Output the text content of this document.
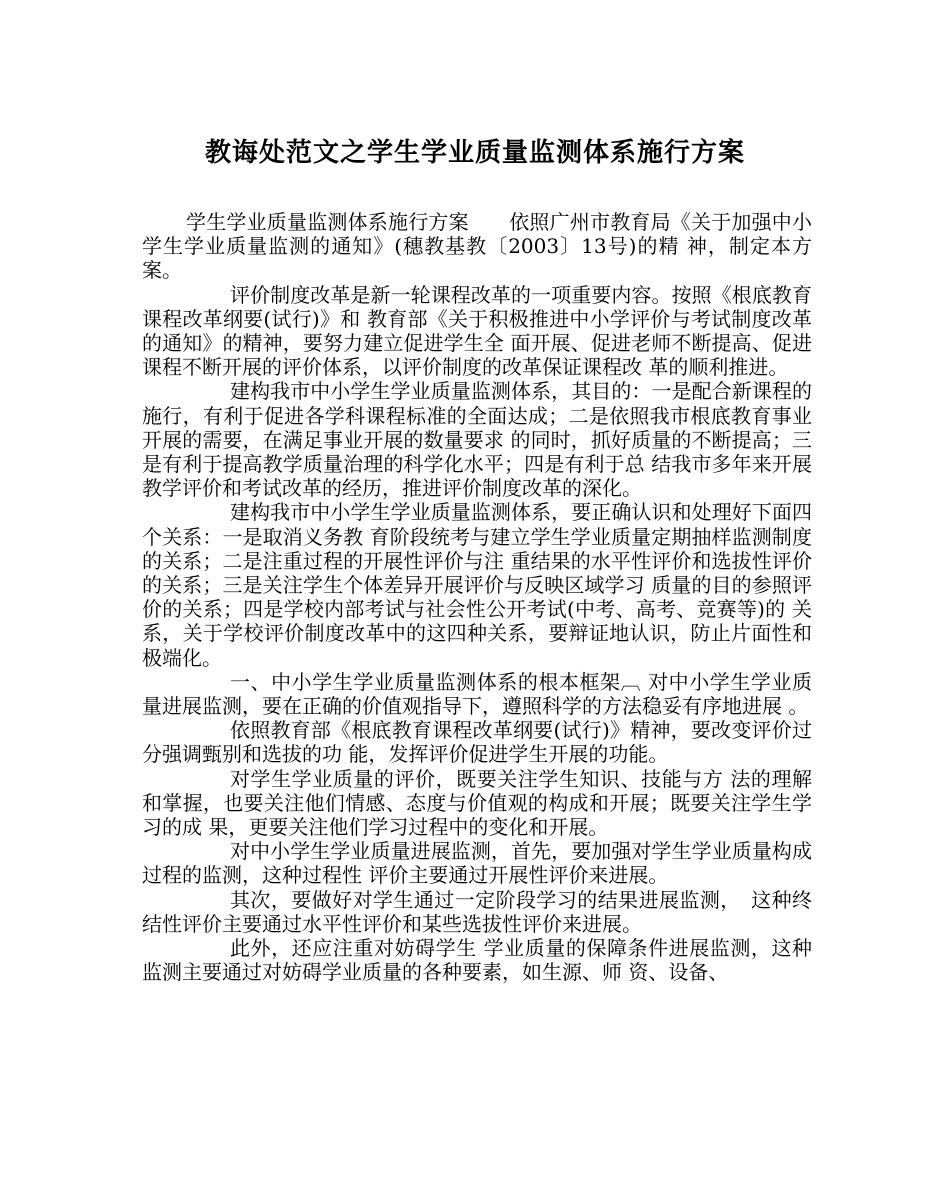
教诲处范文之学生学业质量监测体系施行方案

学生学业质量监测体系施行方案　　依照广州市教育局《关于加强中小学生学业质量监测的通知》(穗教基教〔2003〕13号)的精 神，制定本方案。

评价制度改革是新一轮课程改革的一项重要内容。按照《根底教育课程改革纲要(试行)》和 教育部《关于积极推进中小学评价与考试制度改革的通知》的精神，要努力建立促进学生全 面开展、促进老师不断提高、促进课程不断开展的评价体系，以评价制度的改革保证课程改 革的顺利推进。

建构我市中小学生学业质量监测体系，其目的：一是配合新课程的施行，有利于促进各学科课程标准的全面达成；二是依照我市根底教育事业开展的需要，在满足事业开展的数量要求 的同时，抓好质量的不断提高；三是有利于提高教学质量治理的科学化水平；四是有利于总 结我市多年来开展教学评价和考试改革的经历，推进评价制度改革的深化。

建构我市中小学生学业质量监测体系，要正确认识和处理好下面四个关系：一是取消义务教 育阶段统考与建立学生学业质量定期抽样监测制度的关系；二是注重过程的开展性评价与注 重结果的水平性评价和选拔性评价的关系；三是关注学生个体差异开展评价与反映区域学习 质量的目的参照评价的关系；四是学校内部考试与社会性公开考试(中考、高考、竞赛等)的 关系，关于学校评价制度改革中的这四种关系，要辩证地认识，防止片面性和极端化。

一、中小学生学业质量监测体系的根本框架︹ 对中小学生学业质量进展监测，要在正确的价值观指导下，遵照科学的方法稳妥有序地进展 。

依照教育部《根底教育课程改革纲要(试行)》精神，要改变评价过分强调甄别和选拔的功 能，发挥评价促进学生开展的功能。

对学生学业质量的评价，既要关注学生知识、技能与方 法的理解和掌握，也要关注他们情感、态度与价值观的构成和开展；既要关注学生学习的成 果，更要关注他们学习过程中的变化和开展。

对中小学生学业质量进展监测，首先，要加强对学生学业质量构成过程的监测，这种过程性 评价主要通过开展性评价来进展。

其次，要做好对学生通过一定阶段学习的结果进展监测，　这种终结性评价主要通过水平性评价和某些选拔性评价来进展。

此外，还应注重对妨碍学生 学业质量的保障条件进展监测，这种监测主要通过对妨碍学业质量的各种要素，如生源、师 资、设备、
